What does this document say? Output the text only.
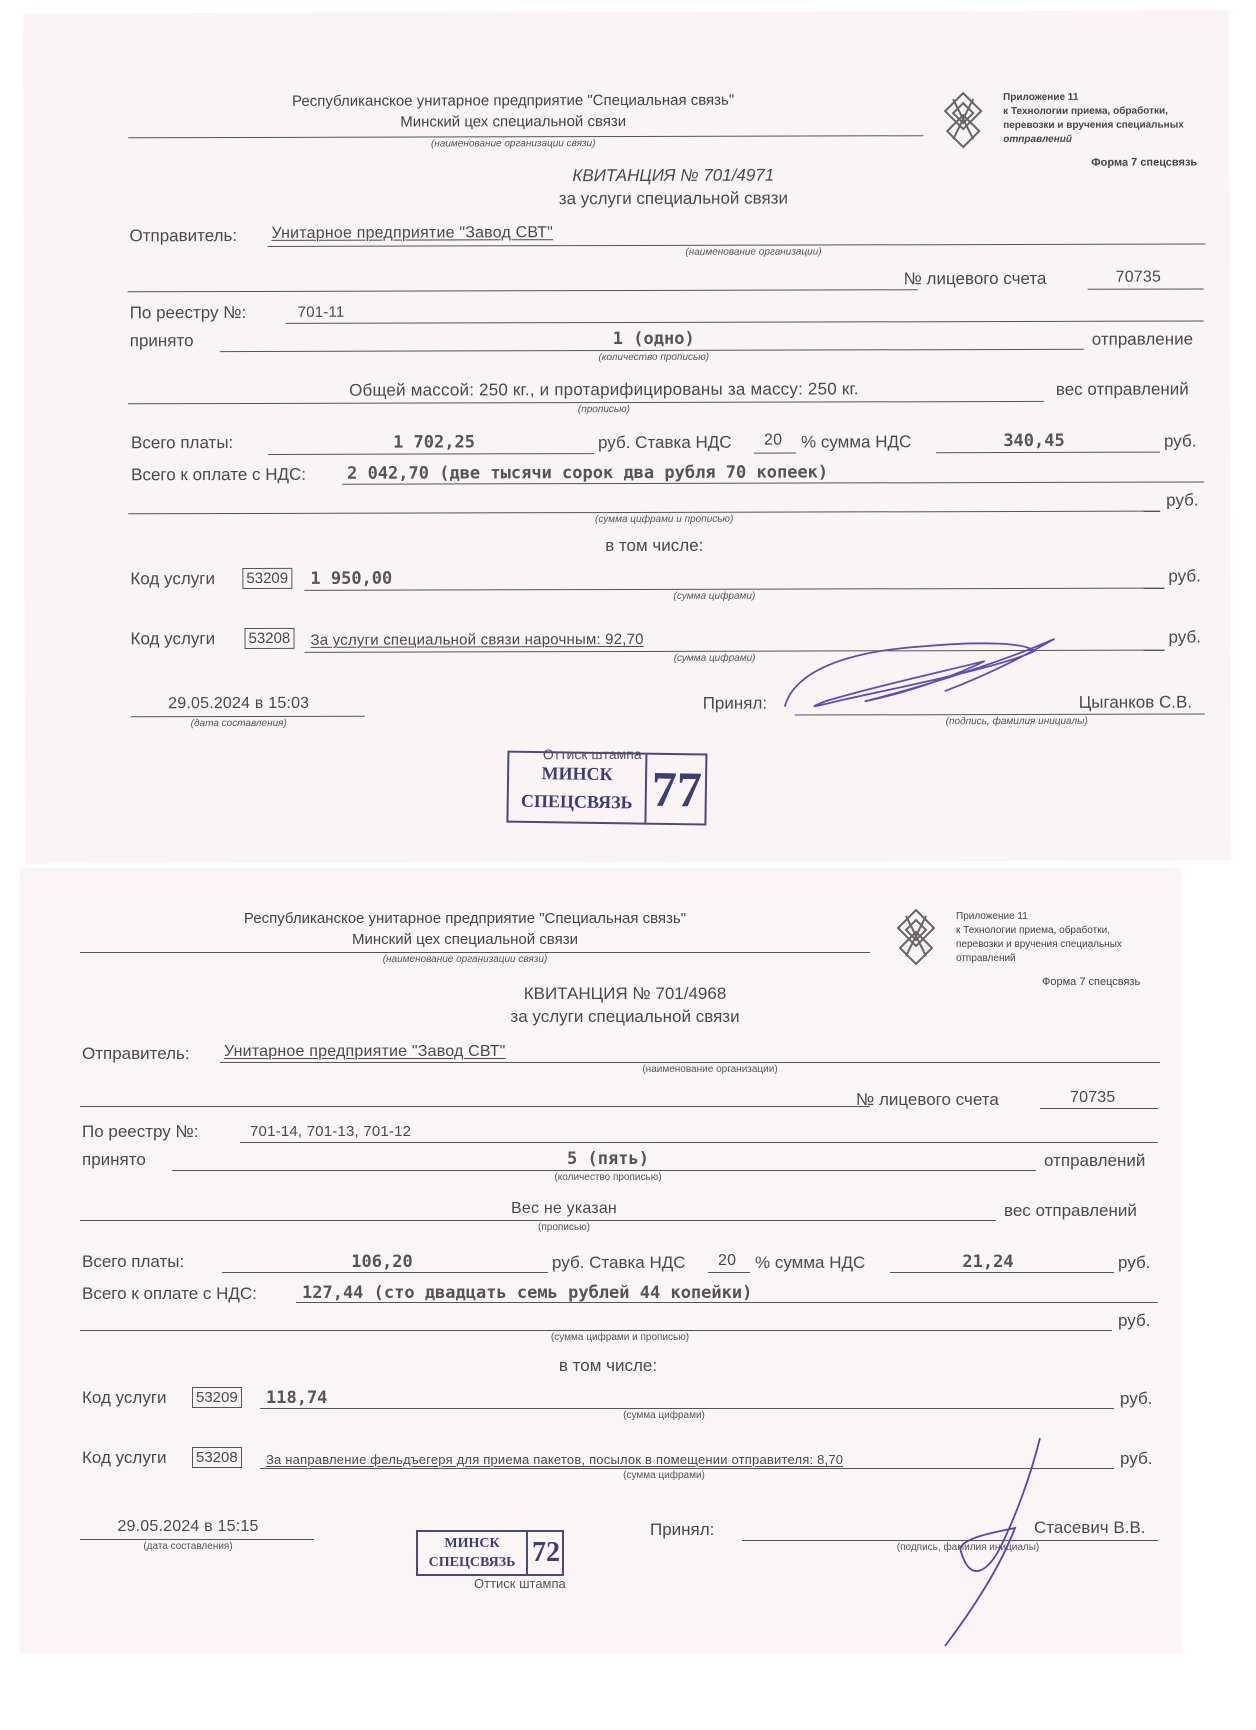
Республиканское унитарное предприятие "Специальная связь"
Минский цех специальной связи
(наименование организации связи)
Приложение 11
к Технологии приема, обработки,
перевозки и вручения специальных
отправлений
Форма 7 спецсвязь
КВИТАНЦИЯ № 701/4971
за услуги специальной связи
Отправитель: Унитарное предприятие "Завод СВТ"
(наименование организации)
№ лицевого счета	70735
По реестру №:	701-11
принято	1 (одно)
(количество прописью)
отправление
Общей массой: 250 кг., и протарифицированы за массу: 250 кг.
(прописью)
вес отправлений
Всего платы:	1 702,25	руб. Ставка НДС 20 % сумма НДС	340,45	руб.
Всего к оплате с НДС: 2 042,70 (две тысячи сорок два рубля 70 копеек)
(сумма цифрами и прописью)
руб.
в том числе:
Код услуги 53209 1 950,00
(сумма цифрами)
руб.
Код услуги 53208 За услуги специальной связи нарочным: 92,70
(сумма цифрами)
руб.
29.05.2024 в 15:03
(дата составления)
Принял:	Цыганков С.В.
(подпись, фамилия инициалы)
Оттиск штампа
МИНСК
СПЕЦСВЯЗЬ 77
Республиканское унитарное предприятие "Специальная связь"
Минский цех специальной связи
(наименование организации связи)
Приложение 11
к Технологии приема, обработки,
перевозки и вручения специальных
отправлений
Форма 7 спецсвязь
КВИТАНЦИЯ № 701/4968
за услуги специальной связи
Отправитель: Унитарное предприятие "Завод СВТ"
(наименование организации)
№ лицевого счета	70735
По реестру №:	701-14, 701-13, 701-12
принято	5 (пять)
(количество прописью)
отправлений
Вес не указан
(прописью)
вес отправлений
Всего платы:	106,20	руб. Ставка НДС 20 % сумма НДС	21,24	руб.
Всего к оплате с НДС:	127,44 (сто двадцать семь рублей 44 копейки)
(сумма цифрами и прописью)
руб.
в том числе:
Код услуги 53209 118,74
(сумма цифрами)
руб.
Код услуги 53208	За направление фельдъегеря для приема пакетов, посылок в помещении отправителя: 8,70
(сумма цифрами)
руб.
29.05.2024 в 15:15
(дата составления)
Принял:	Стасевич В.В.
(подпись, фамилия инициалы)
МИНСК
СПЕЦСВЯЗЬ 72
Оттиск штампа
